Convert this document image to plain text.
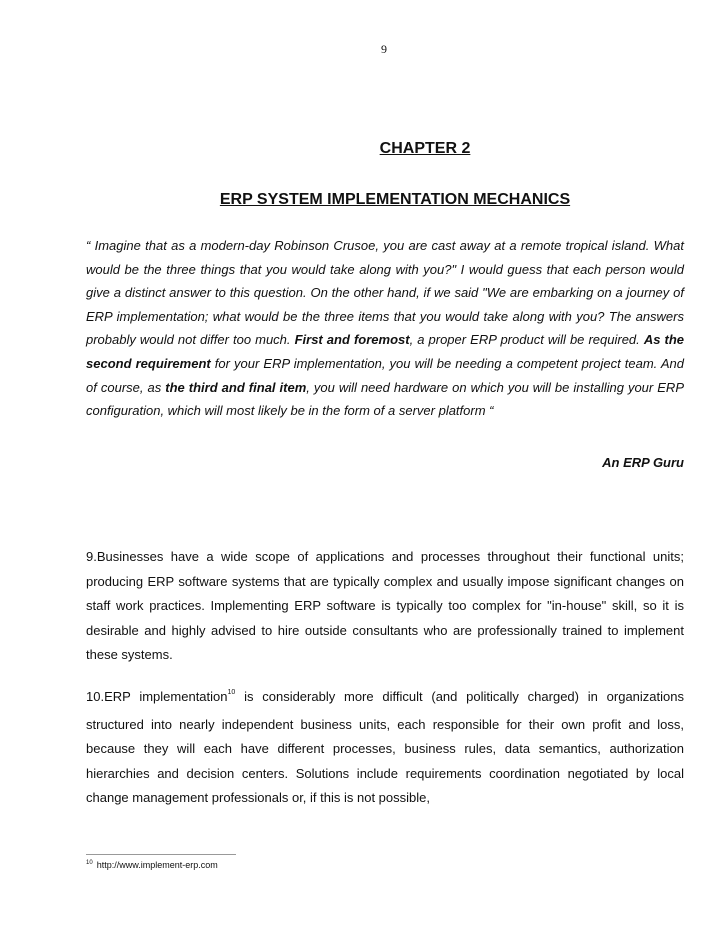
9
CHAPTER 2
ERP SYSTEM IMPLEMENTATION MECHANICS
“ Imagine that as a modern-day Robinson Crusoe, you are cast away at a remote tropical island. What would be the three things that you would take along with you?" I would guess that each person would give a distinct answer to this question. On the other hand, if we said "We are embarking on a journey of ERP implementation; what would be the three items that you would take along with you? The answers probably would not differ too much. First and foremost, a proper ERP product will be required. As the second requirement for your ERP implementation, you will be needing a competent project team. And of course, as the third and final item, you will need hardware on which you will be installing your ERP configuration, which will most likely be in the form of a server platform “
An ERP Guru
9.Businesses have a wide scope of applications and processes throughout their functional units; producing ERP software systems that are typically complex and usually impose significant changes on staff work practices. Implementing ERP software is typically too complex for "in-house" skill, so it is desirable and highly advised to hire outside consultants who are professionally trained to implement these systems.
10.ERP implementation$^{10}$ is considerably more difficult (and politically charged) in organizations structured into nearly independent business units, each responsible for their own profit and loss, because they will each have different processes, business rules, data semantics, authorization hierarchies and decision centers. Solutions include requirements coordination negotiated by local change management professionals or, if this is not possible,
$^{10}$ http://www.implement-erp.com
